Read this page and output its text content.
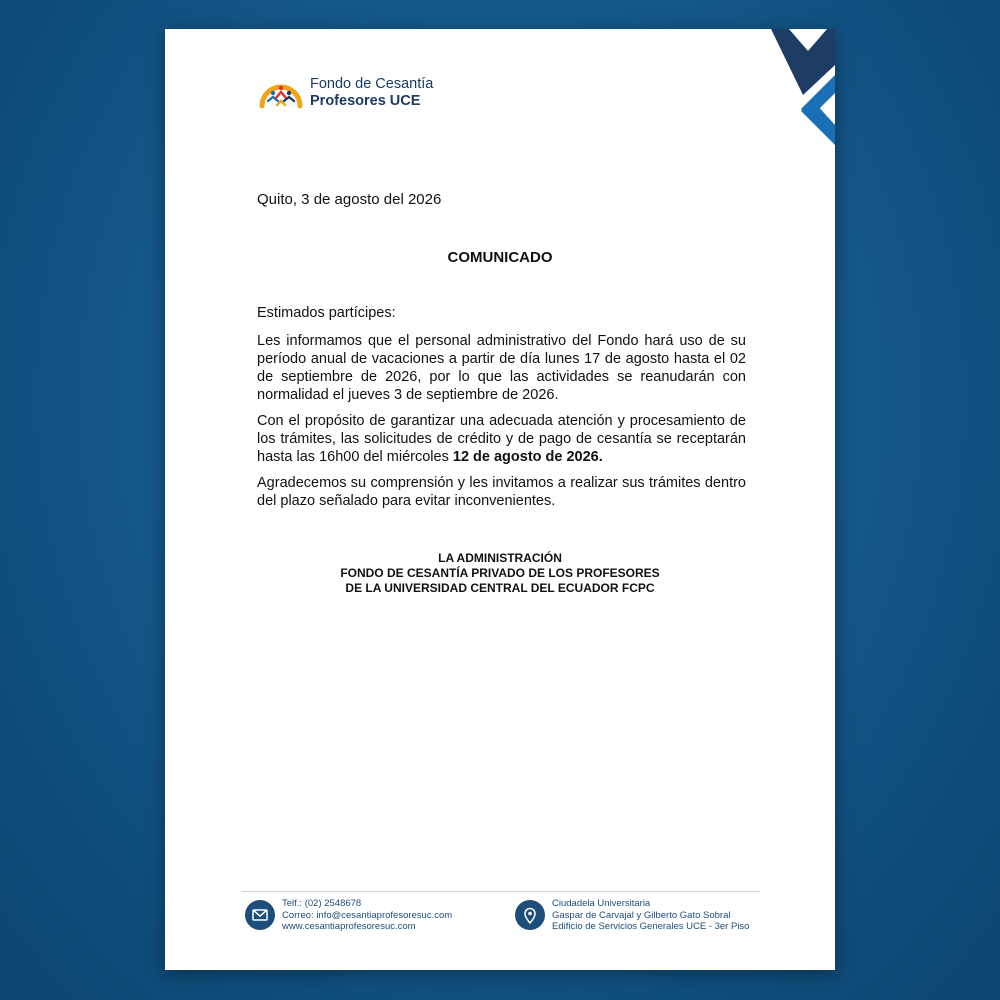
Fondo de Cesantía
Profesores UCE
Quito, 3 de agosto del 2026
COMUNICADO

Estimados partícipes:

Les informamos que el personal administrativo del Fondo hará uso de su período anual de vacaciones a partir de día lunes 17 de agosto hasta el 02 de septiembre de 2026, por lo que las actividades se reanudarán con normalidad el jueves 3 de septiembre de 2026.

Con el propósito de garantizar una adecuada atención y procesamiento de los trámites, las solicitudes de crédito y de pago de cesantía se receptarán hasta las 16h00 del miércoles 12 de agosto de 2026.

Agradecemos su comprensión y les invitamos a realizar sus trámites dentro del plazo señalado para evitar inconvenientes.

LA ADMINISTRACIÓN
FONDO DE CESANTÍA PRIVADO DE LOS PROFESORES
DE LA UNIVERSIDAD CENTRAL DEL ECUADOR FCPC
Telf.: (02) 2548678
Correo: info@cesantiaprofesoresuc.com
www.cesantiaprofesoresuc.com
Ciudadela Universitaria
Gaspar de Carvajal y Gilberto Gato Sobral
Edificio de Servicios Generales UCE - 3er Piso
